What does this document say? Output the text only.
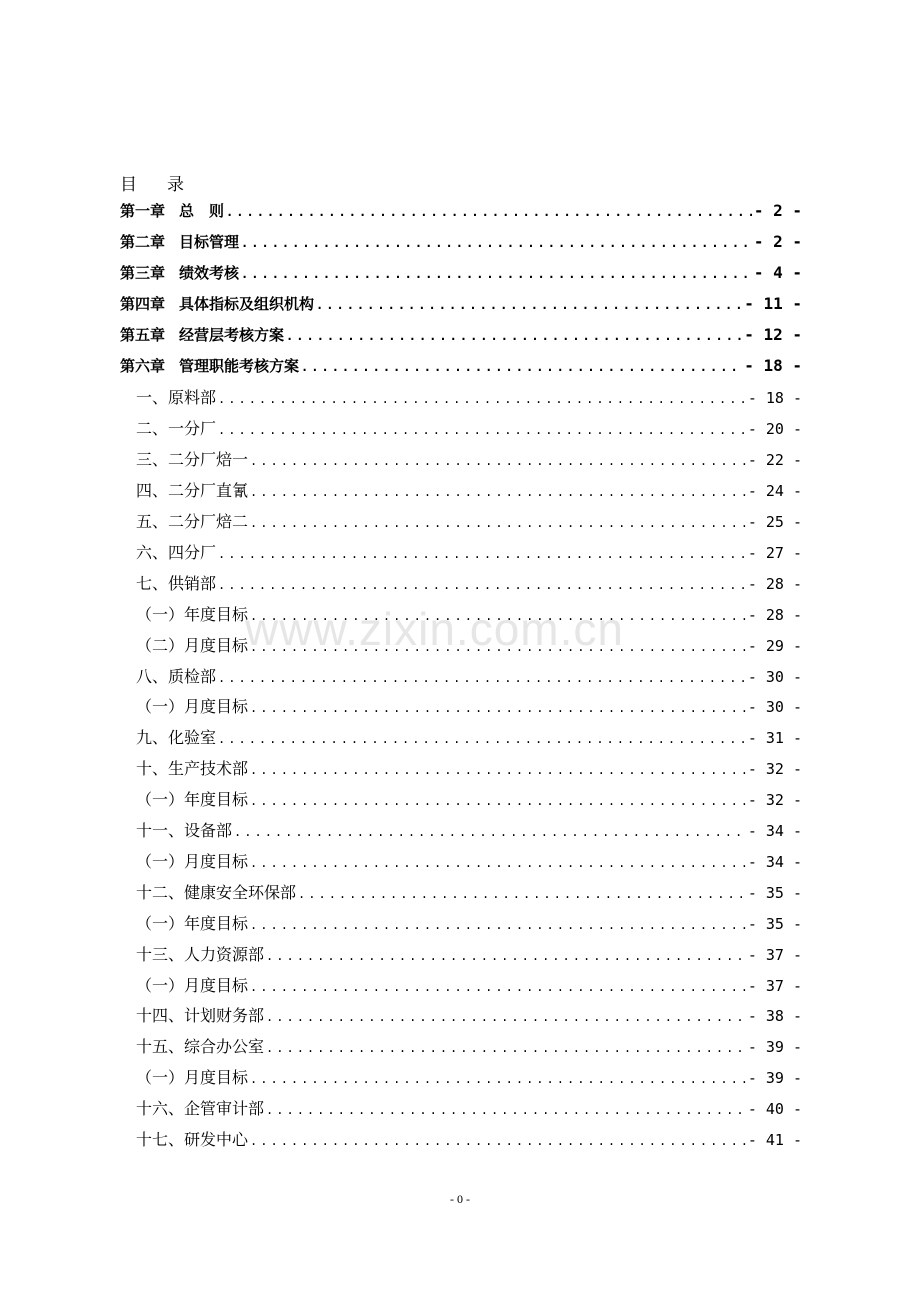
目 录
www.zixin.com.cn
第一章 总　则 .....	- 2 -
第二章 目标管理 .....	- 2 -
第三章 绩效考核 .....	- 4 -
第四章 具体指标及组织机构 .....	- 11 -
第五章 经营层考核方案 .....	- 12 -
第六章 管理职能考核方案 .....	- 18 -
一、原料部 .....	- 18 -
二、一分厂 .....	- 20 -
三、二分厂焙一 .....	- 22 -
四、二分厂直氰 .....	- 24 -
五、二分厂焙二 .....	- 25 -
六、四分厂 .....	- 27 -
七、供销部 .....	- 28 -
（一）年度目标 .....	- 28 -
（二）月度目标 .....	- 29 -
八、质检部 .....	- 30 -
（一）月度目标 .....	- 30 -
九、化验室 .....	- 31 -
十、生产技术部 .....	- 32 -
（一）年度目标 .....	- 32 -
十一、设备部 .....	- 34 -
（一）月度目标 .....	- 34 -
十二、健康安全环保部 .....	- 35 -
（一）年度目标 .....	- 35 -
十三、人力资源部 .....	- 37 -
（一）月度目标 .....	- 37 -
十四、计划财务部 .....	- 38 -
十五、综合办公室 .....	- 39 -
（一）月度目标 .....	- 39 -
十六、企管审计部 .....	- 40 -
十七、研发中心 .....	- 41 -
- 0 -
